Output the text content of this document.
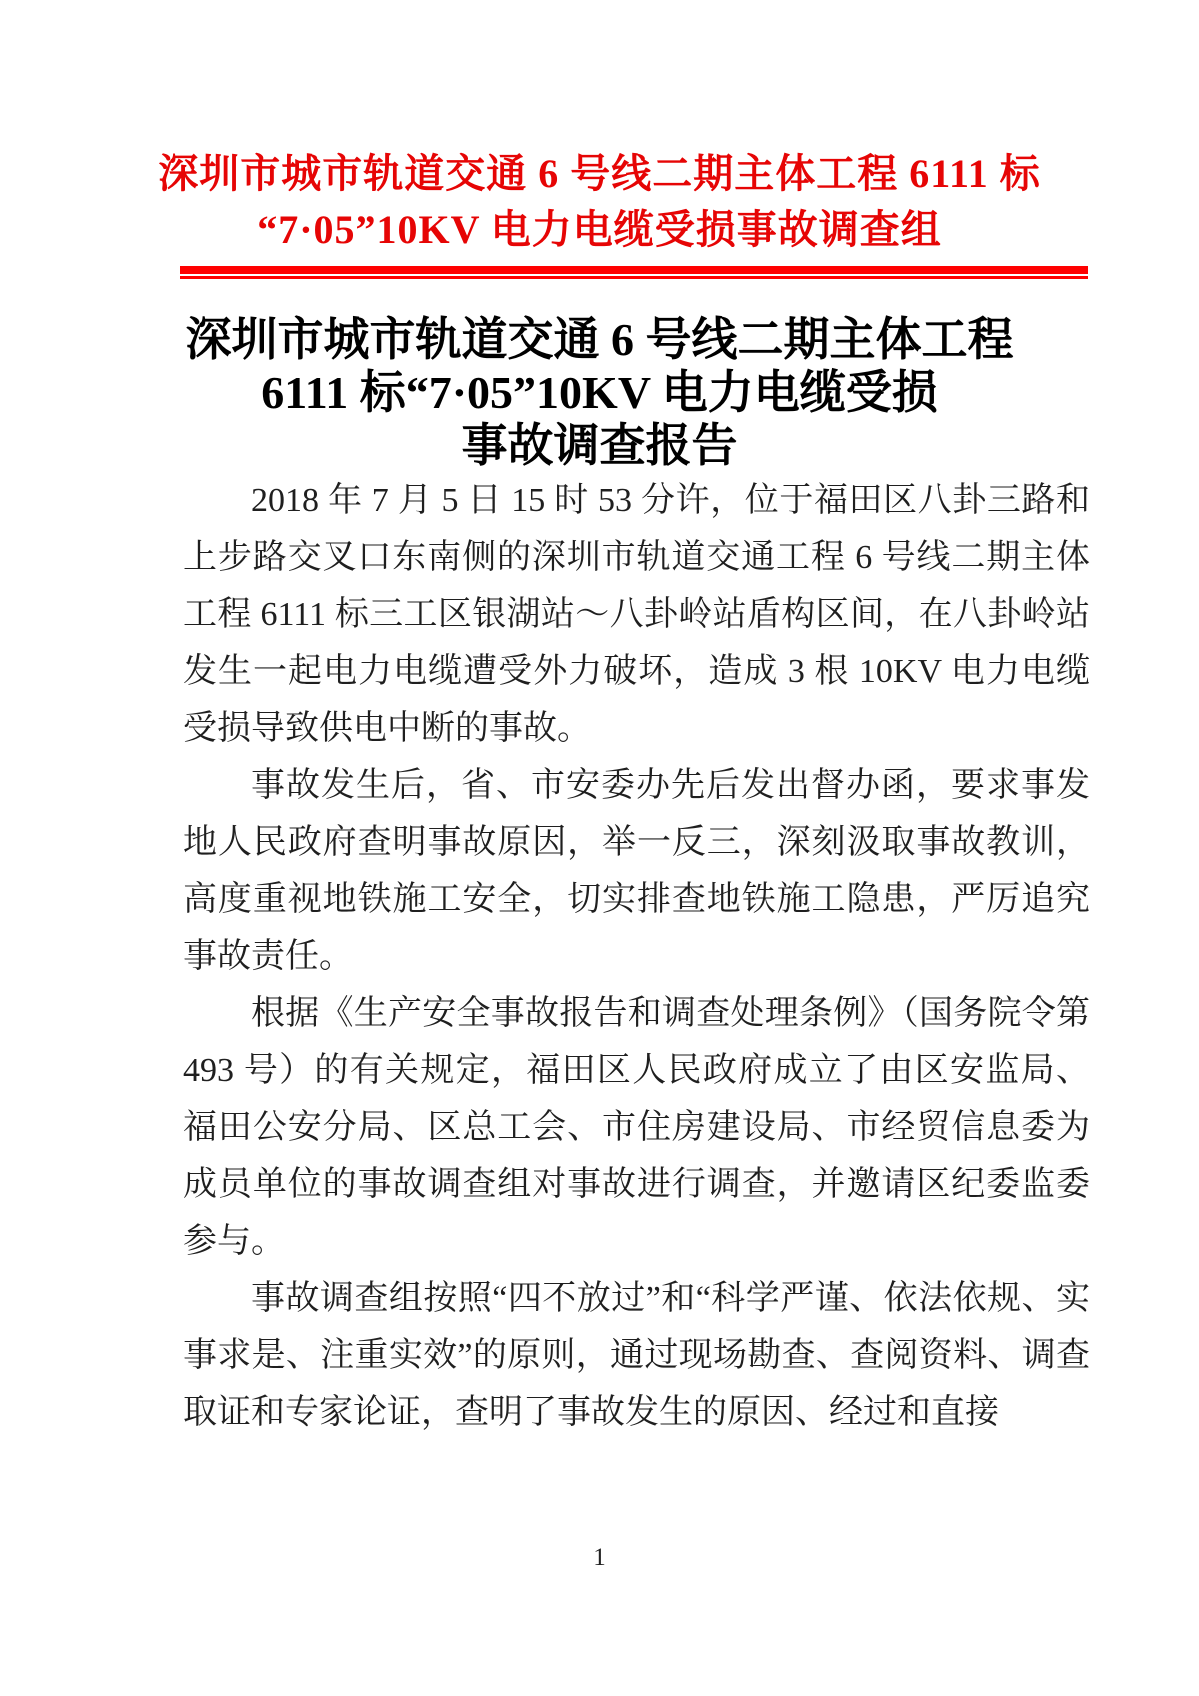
深圳市城市轨道交通 6 号线二期主体工程 6111 标
“7·05”10KV 电力电缆受损事故调查组
深圳市城市轨道交通 6 号线二期主体工程
6111 标“7·05”10KV 电力电缆受损
事故调查报告

2018 年 7 月 5 日 15 时 53 分许，位于福田区八卦三路和上步路交叉口东南侧的深圳市轨道交通工程 6 号线二期主体工程 6111 标三工区银湖站～八卦岭站盾构区间，在八卦岭站发生一起电力电缆遭受外力破坏，造成 3 根 10KV 电力电缆受损导致供电中断的事故。

事故发生后，省、市安委办先后发出督办函，要求事发地人民政府查明事故原因，举一反三，深刻汲取事故教训，高度重视地铁施工安全，切实排查地铁施工隐患，严厉追究事故责任。

根据《生产安全事故报告和调查处理条例》（国务院令第 493 号）的有关规定，福田区人民政府成立了由区安监局、福田公安分局、区总工会、市住房建设局、市经贸信息委为成员单位的事故调查组对事故进行调查，并邀请区纪委监委参与。

事故调查组按照“四不放过”和“科学严谨、依法依规、实事求是、注重实效”的原则，通过现场勘查、查阅资料、调查取证和专家论证，查明了事故发生的原因、经过和直接

1
